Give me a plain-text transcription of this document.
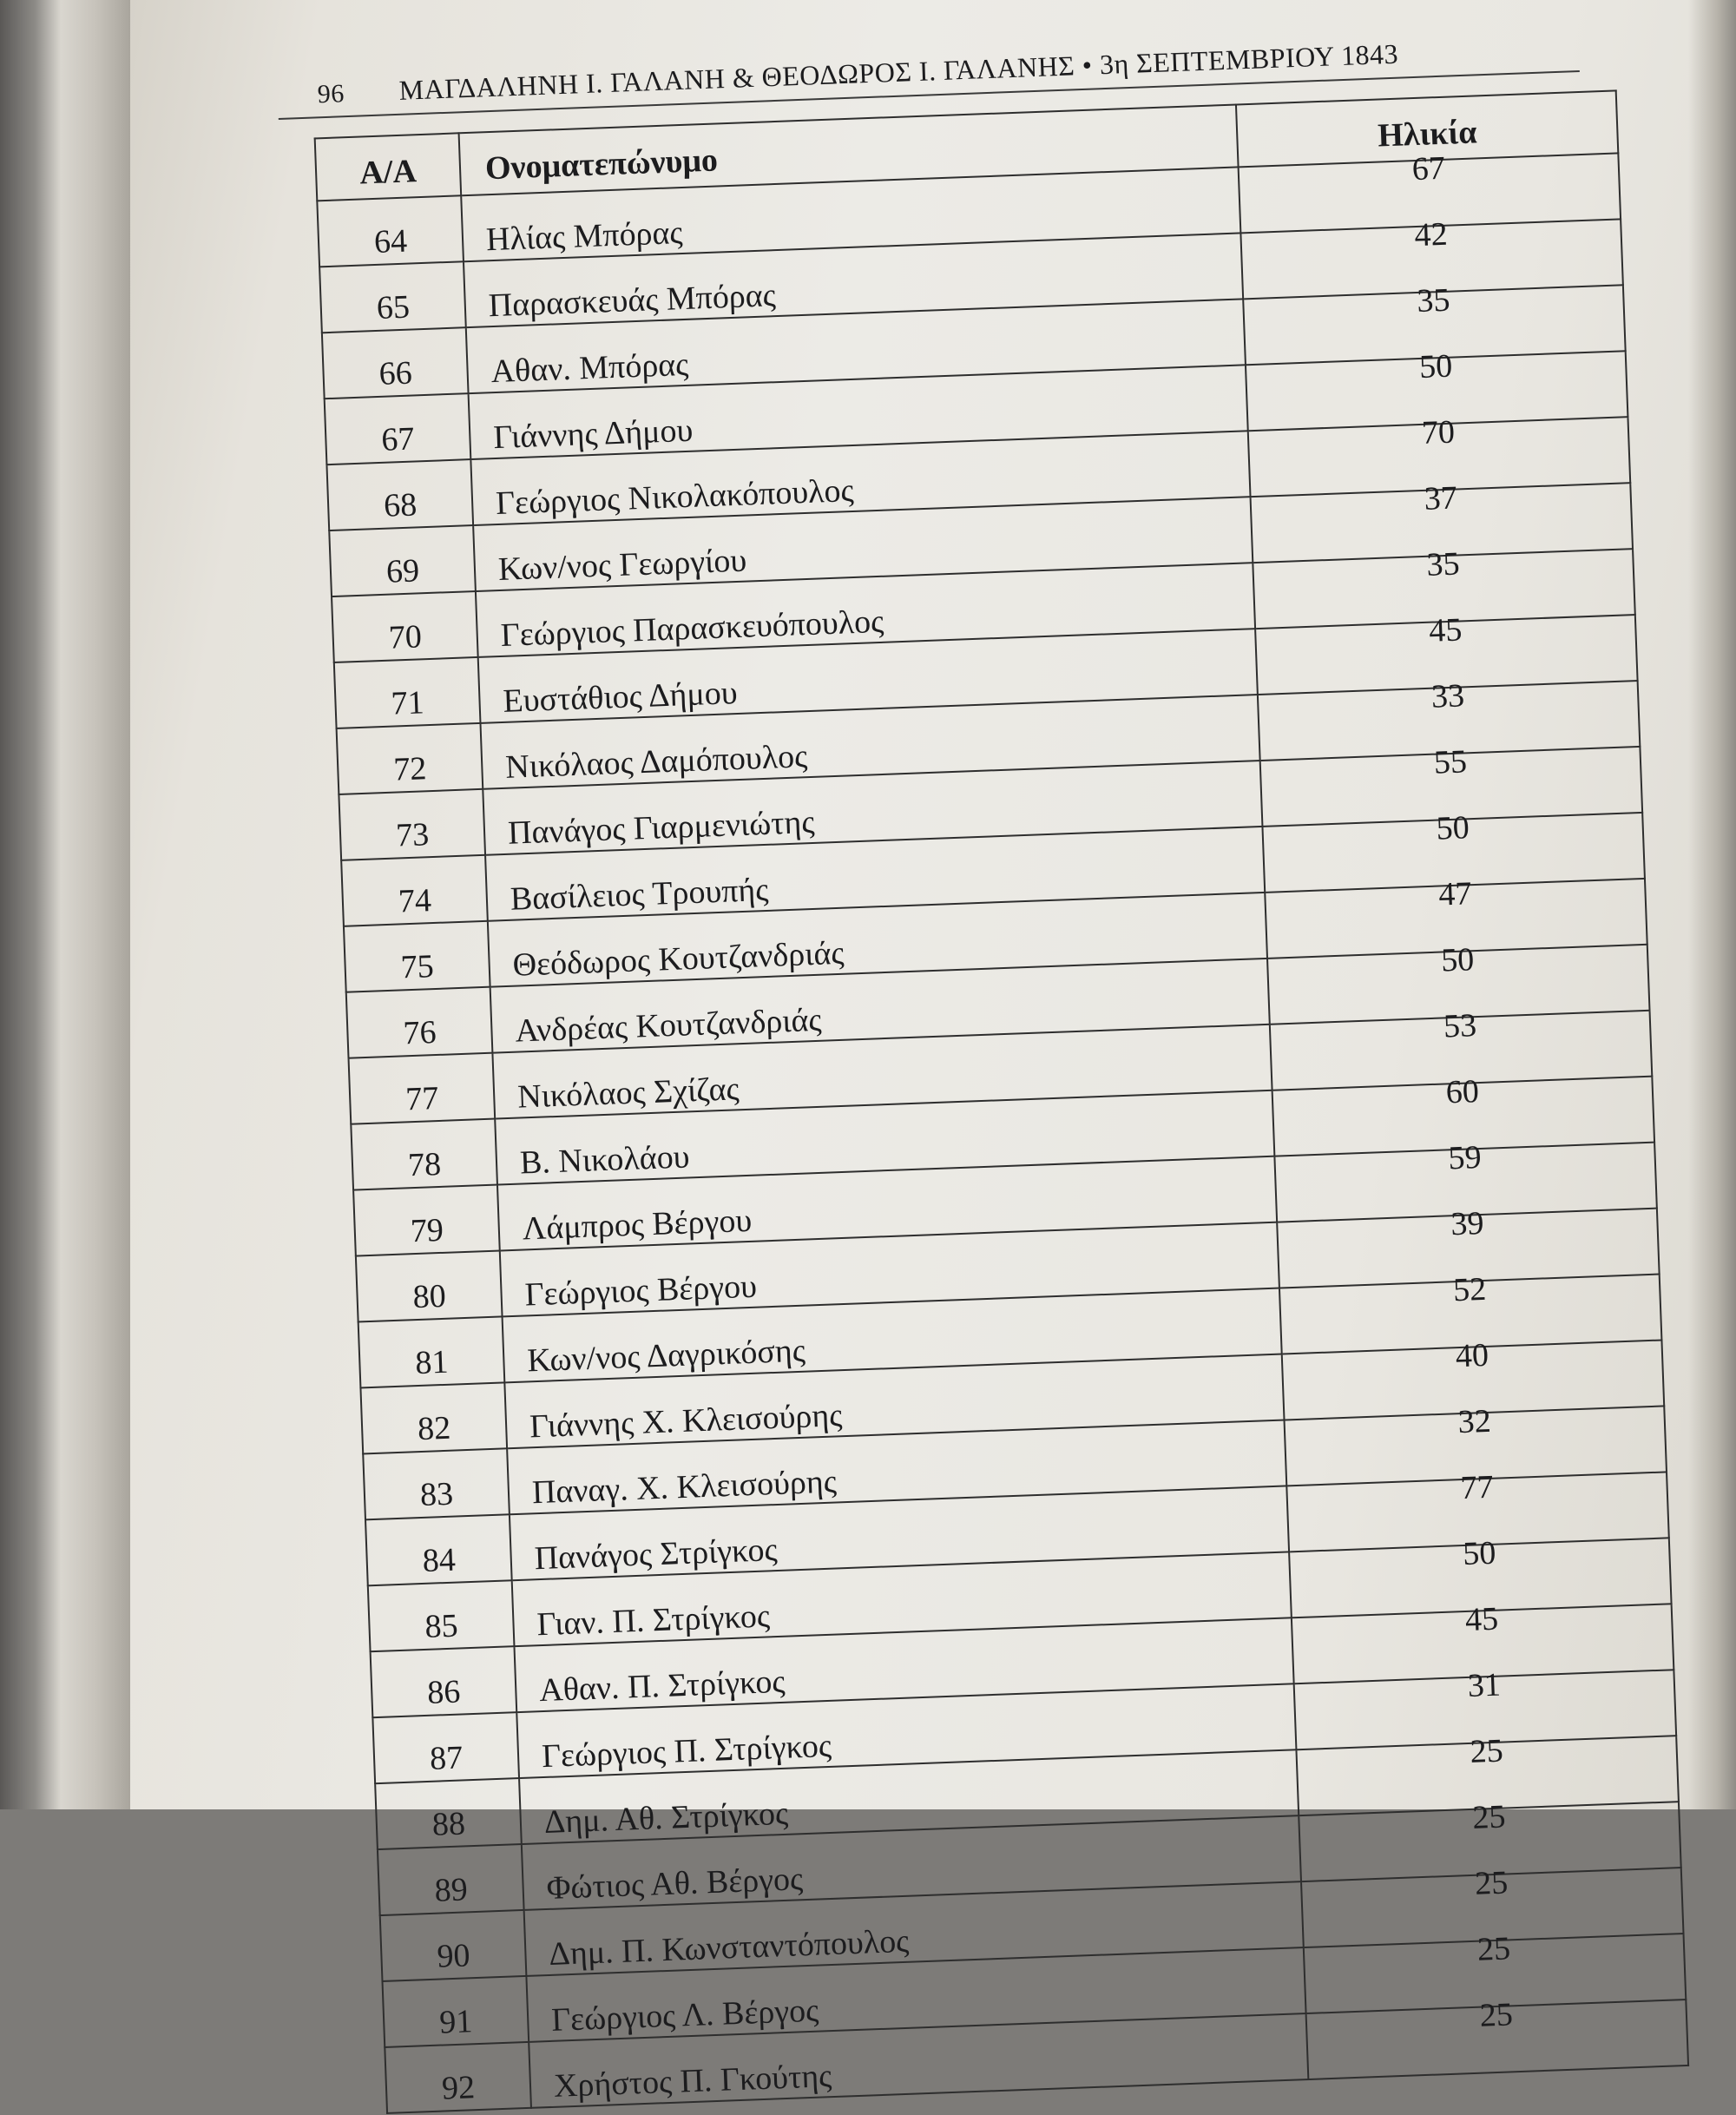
96 ΜΑΓΔΑΛΗΝΗ Ι. ΓΑΛΑΝΗ & ΘΕΟΔΩΡΟΣ Ι. ΓΑΛΑΝΗΣ • 3η ΣΕΠΤΕΜΒΡΙΟΥ 1843
Α/Α	Ονοματεπώνυμο	Ηλικία
64	Ηλίας Μπόρας	67
65	Παρασκευάς Μπόρας	42
66	Αθαν. Μπόρας	35
67	Γιάννης Δήμου	50
68	Γεώργιος Νικολακόπουλος	70
69	Κων/νος Γεωργίου	37
70	Γεώργιος Παρασκευόπουλος	35
71	Ευστάθιος Δήμου	45
72	Νικόλαος Δαμόπουλος	33
73	Πανάγος Γιαρμενιώτης	55
74	Βασίλειος Τρουπής	50
75	Θεόδωρος Κουτζανδριάς	47
76	Ανδρέας Κουτζανδριάς	50
77	Νικόλαος Σχίζας	53
78	Β. Νικολάου	60
79	Λάμπρος Βέργου	59
80	Γεώργιος Βέργου	39
81	Κων/νος Δαγρικόσης	52
82	Γιάννης Χ. Κλεισούρης	40
83	Παναγ. Χ. Κλεισούρης	32
84	Πανάγος Στρίγκος	77
85	Γιαν. Π. Στρίγκος	50
86	Αθαν. Π. Στρίγκος	45
87	Γεώργιος Π. Στρίγκος	31
88	Δημ. Αθ. Στρίγκος	25
89	Φώτιος Αθ. Βέργος	25
90	Δημ. Π. Κωνσταντόπουλος	25
91	Γεώργιος Λ. Βέργος	25
92	Χρήστος Π. Γκούτης	25
